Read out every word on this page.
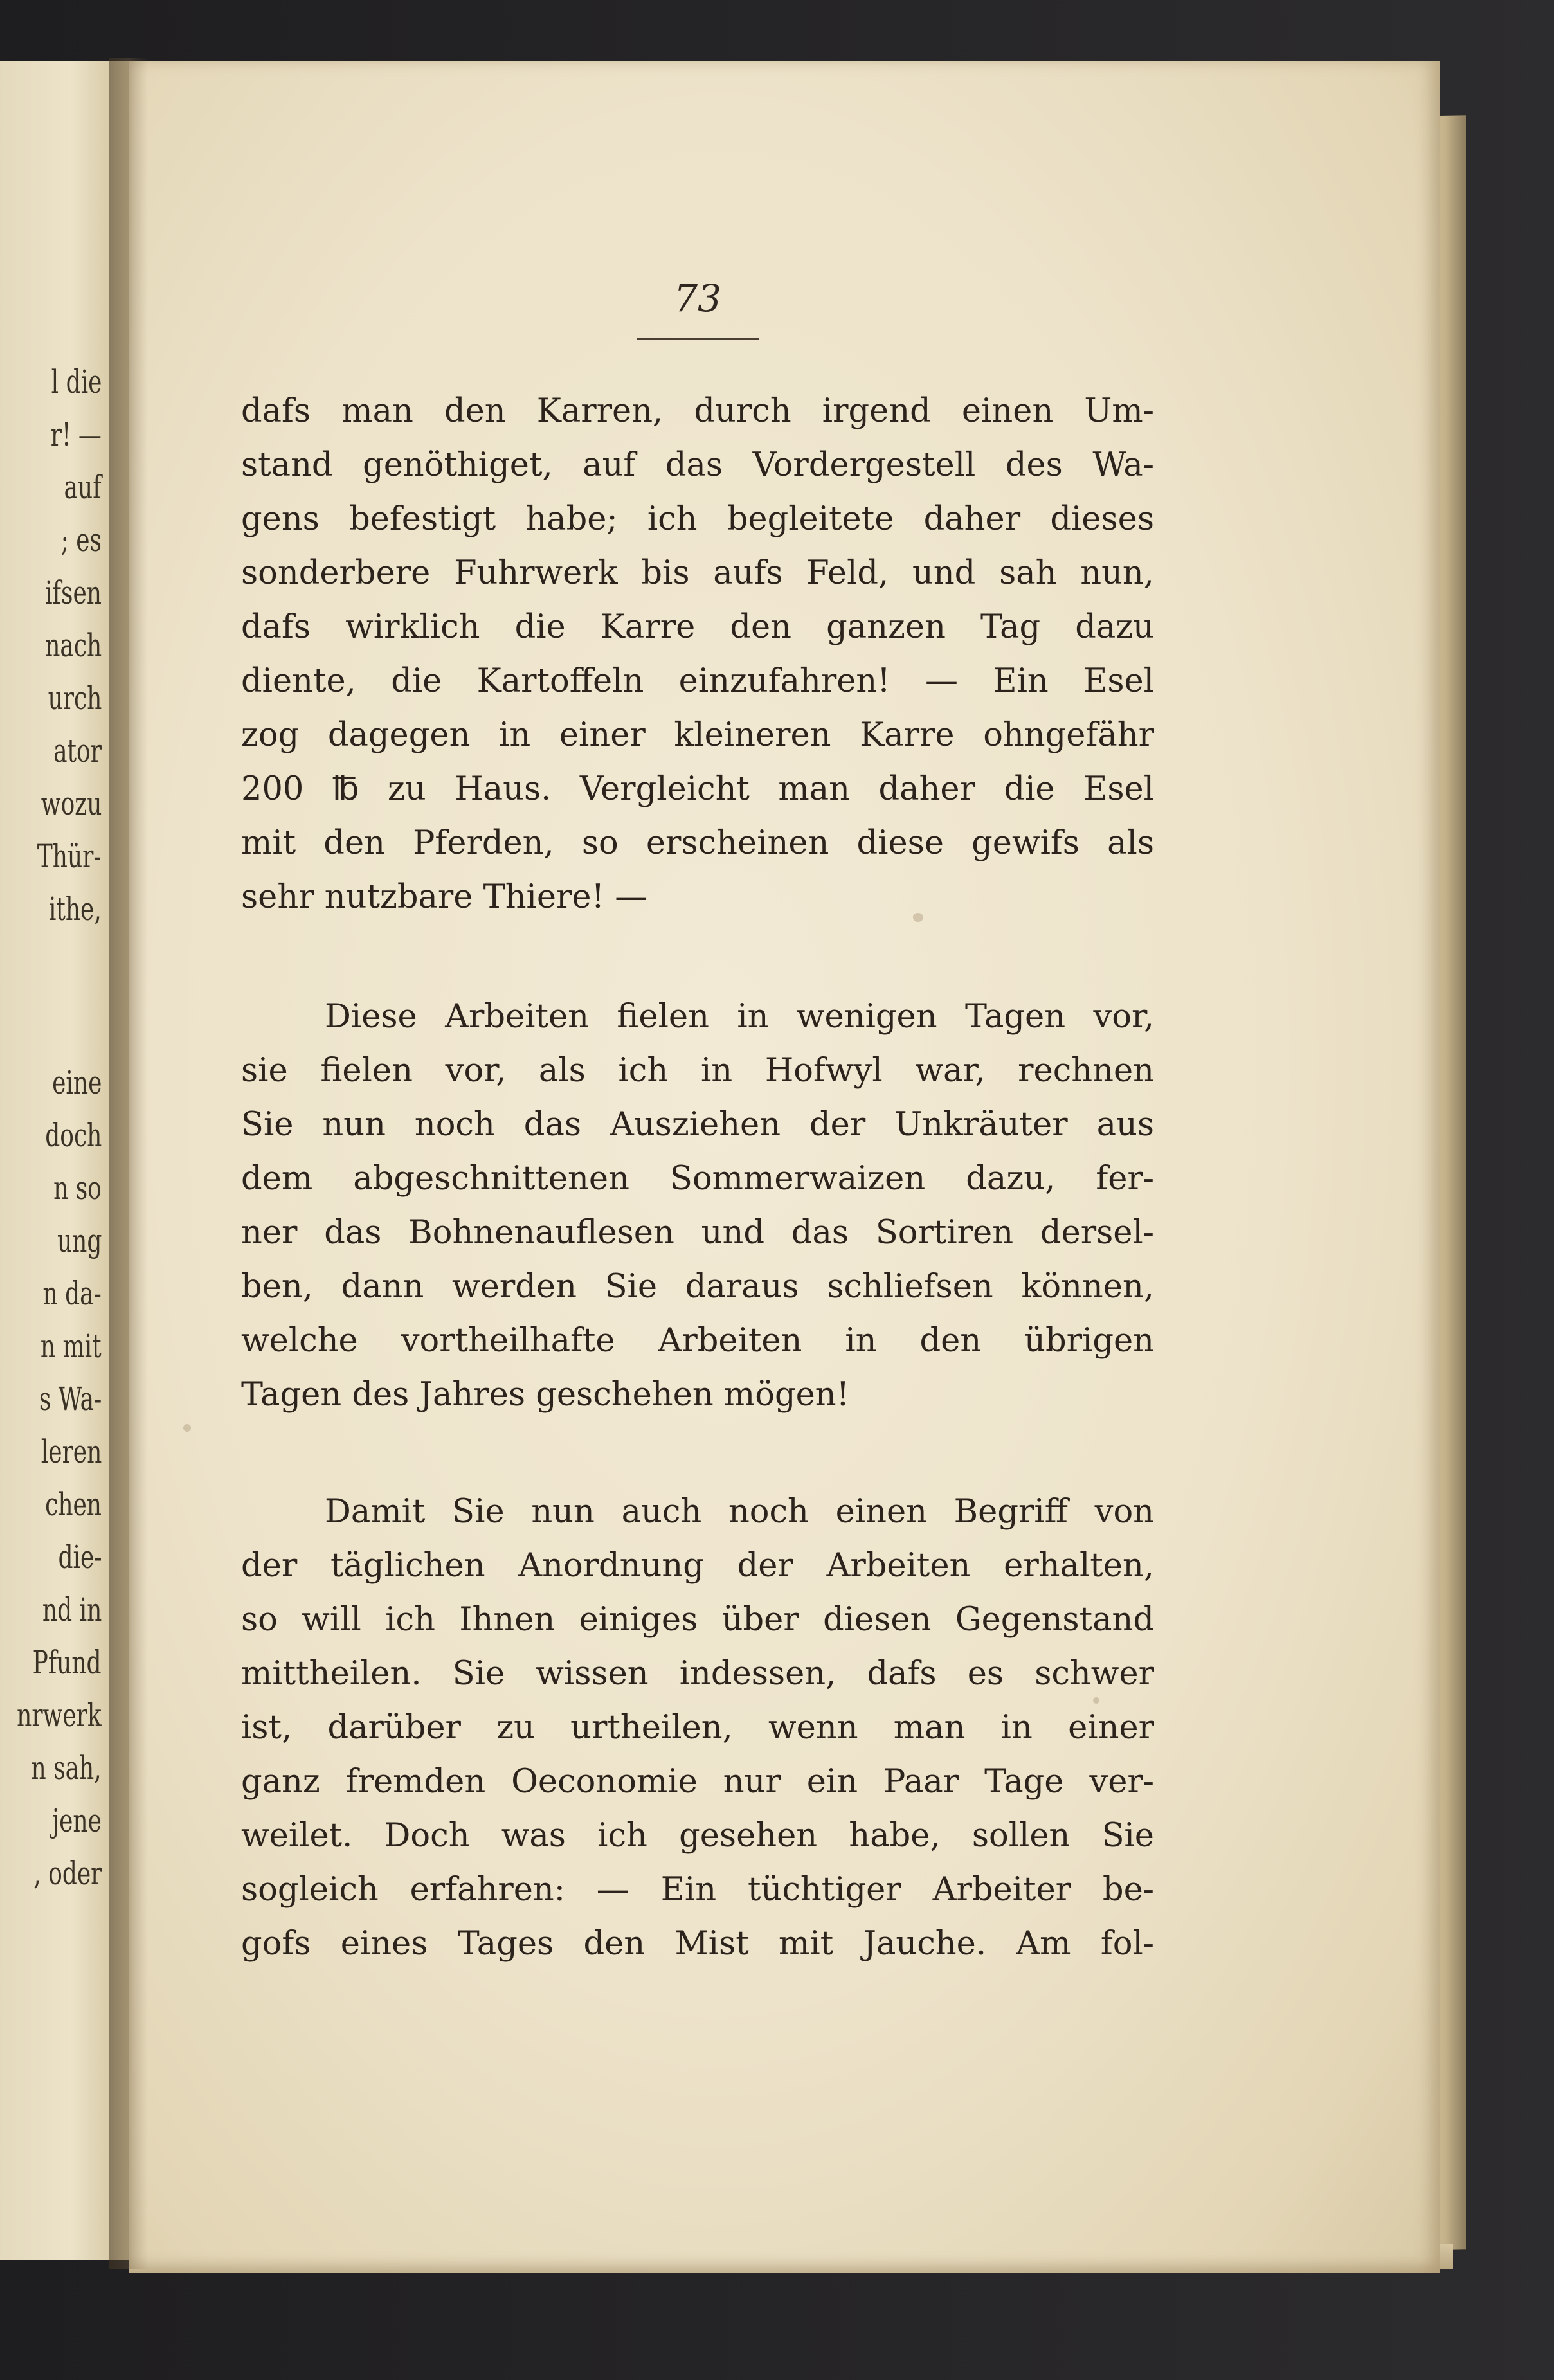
l die
r! —
auf
; es
ifsen
nach
urch
ator
wozu
Thür-
ithe,
eine
doch
n so
ung
n da-
n mit
s Wa-
leren
chen
die-
nd in
Pfund
nrwerk
n sah,
jene
, oder
73
dafs man den Karren, durch irgend einen Um-
stand genöthiget, auf das Vordergestell des Wa-
gens befestigt habe; ich begleitete daher dieses
sonderbere Fuhrwerk bis aufs Feld, und sah nun,
dafs wirklich die Karre den ganzen Tag dazu
diente, die Kartoffeln einzufahren! — Ein Esel
zog dagegen in einer kleineren Karre ohngefähr
200 ℔ zu Haus. Vergleicht man daher die Esel
mit den Pferden, so erscheinen diese gewifs als
sehr nutzbare Thiere! —
Diese Arbeiten fielen in wenigen Tagen vor,
sie fielen vor, als ich in Hofwyl war, rechnen
Sie nun noch das Ausziehen der Unkräuter aus
dem abgeschnittenen Sommerwaizen dazu, fer-
ner das Bohnenauflesen und das Sortiren dersel-
ben, dann werden Sie daraus schliefsen können,
welche vortheilhafte Arbeiten in den übrigen
Tagen des Jahres geschehen mögen!
Damit Sie nun auch noch einen Begriff von
der täglichen Anordnung der Arbeiten erhalten,
so will ich Ihnen einiges über diesen Gegenstand
mittheilen. Sie wissen indessen, dafs es schwer
ist, darüber zu urtheilen, wenn man in einer
ganz fremden Oeconomie nur ein Paar Tage ver-
weilet. Doch was ich gesehen habe, sollen Sie
sogleich erfahren: — Ein tüchtiger Arbeiter be-
gofs eines Tages den Mist mit Jauche. Am fol-
